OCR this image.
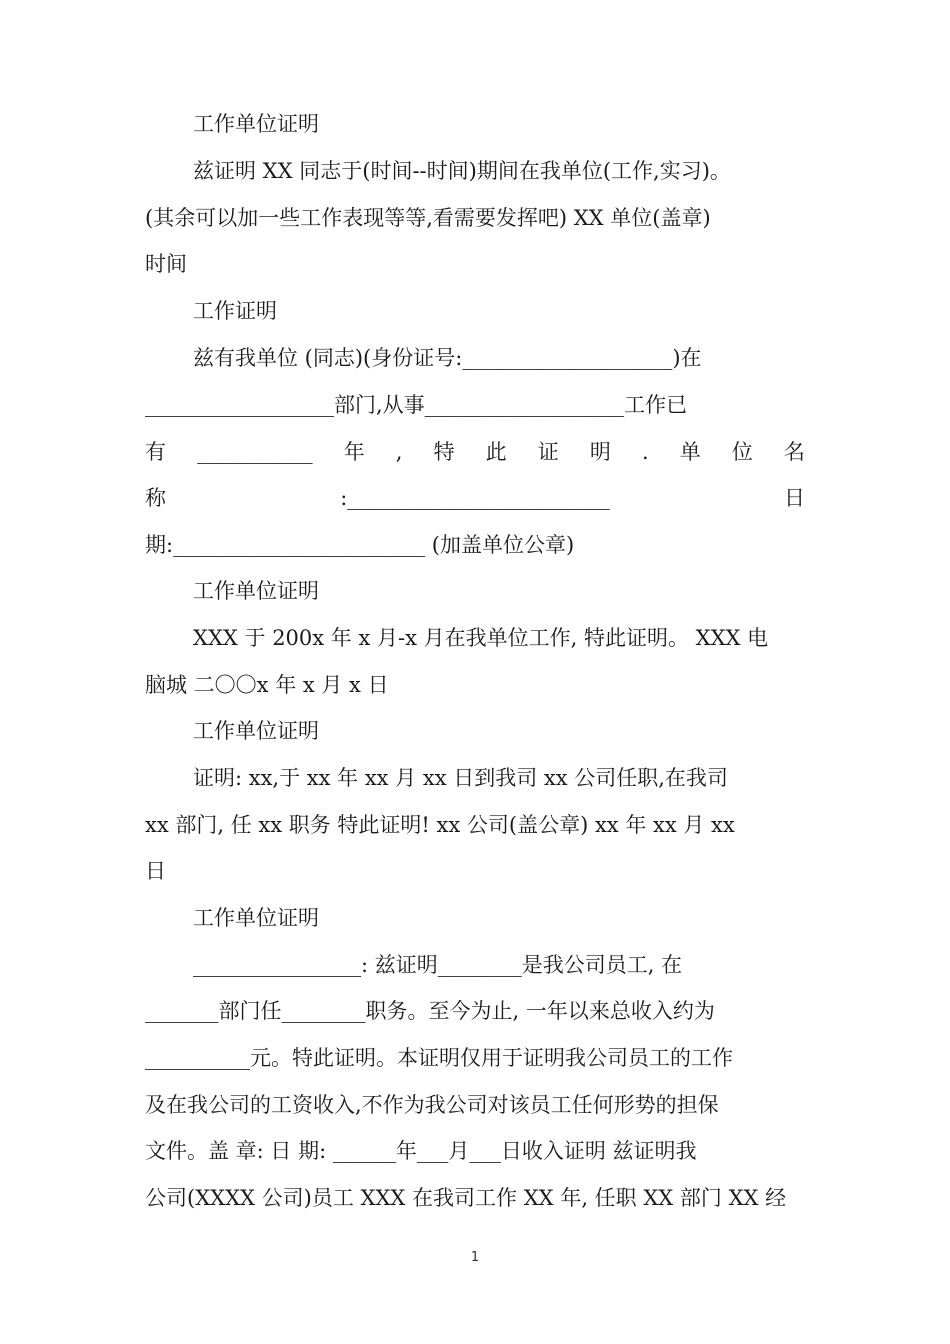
工作单位证明
兹证明 XX 同志于(时间--时间)期间在我单位(工作,实习)。
(其余可以加一些工作表现等等,看需要发挥吧) XX 单位(盖章)
时间
工作证明
兹有我单位 (同志)(身份证号:____________________)在
__________________部门,从事___________________工作已
有 ___________ 年 , 特 此 证 明 . 单 位 名
称	:_________________________	日
期:________________________ (加盖单位公章)
工作单位证明
XXX 于 200x 年 x 月-x 月在我单位工作, 特此证明。 XXX 电
脑城 二〇〇x 年 x 月 x 日
工作单位证明
证明: xx,于 xx 年 xx 月 xx 日到我司 xx 公司任职,在我司
xx 部门, 任 xx 职务 特此证明! xx 公司(盖公章) xx 年 xx 月 xx
日
工作单位证明
________________: 兹证明________是我公司员工, 在
_______部门任________职务。至今为止, 一年以来总收入约为
__________元。特此证明。本证明仅用于证明我公司员工的工作
及在我公司的工资收入,不作为我公司对该员工任何形势的担保
文件。盖 章: 日 期: ______年___月___日收入证明 兹证明我
公司(XXXX 公司)员工 XXX 在我司工作 XX 年, 任职 XX 部门 XX 经
1
